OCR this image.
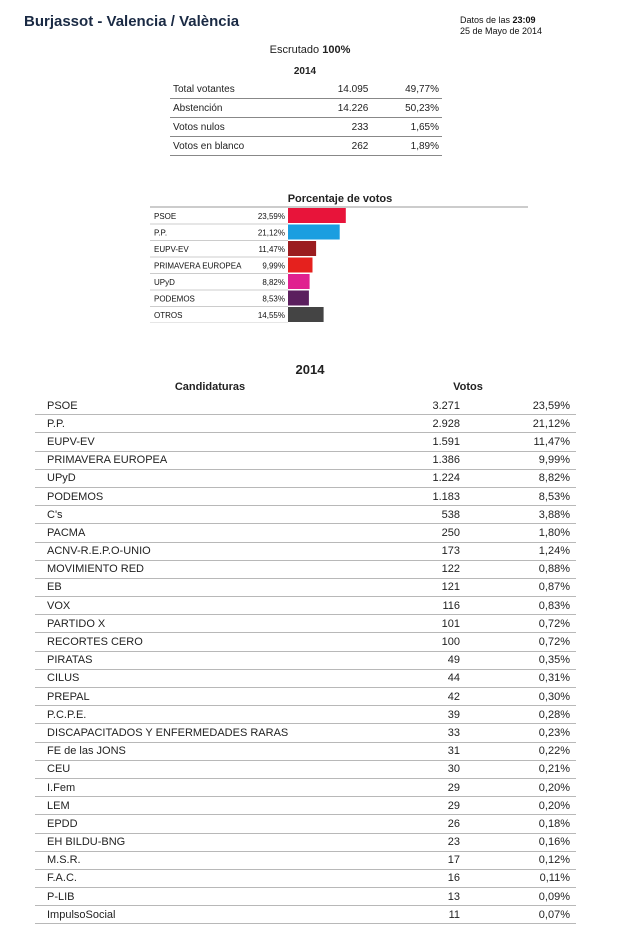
Burjassot - Valencia / València	Datos de las 23:09
25 de Mayo de 2014
Escrutado 100%
2014
Total votantes	14.095	49,77%
Abstención	14.226	50,23%
Votos nulos	233	1,65%
Votos en blanco	262	1,89%
Porcentaje de votos
PSOE	23,59%
P.P.	21,12%
EUPV-EV	11,47%
PRIMAVERA EUROPEA	9,99%
UPyD	8,82%
PODEMOS	8,53%
OTROS	14,55%
2014
Candidaturas	Votos
PSOE	3.271	23,59%
P.P.	2.928	21,12%
EUPV-EV	1.591	11,47%
PRIMAVERA EUROPEA	1.386	9,99%
UPyD	1.224	8,82%
PODEMOS	1.183	8,53%
C's	538	3,88%
PACMA	250	1,80%
ACNV-R.E.P.O-UNIO	173	1,24%
MOVIMIENTO RED	122	0,88%
EB	121	0,87%
VOX	116	0,83%
PARTIDO X	101	0,72%
RECORTES CERO	100	0,72%
PIRATAS	49	0,35%
CILUS	44	0,31%
PREPAL	42	0,30%
P.C.P.E.	39	0,28%
DISCAPACITADOS Y ENFERMEDADES RARAS	33	0,23%
FE de las JONS	31	0,22%
CEU	30	0,21%
I.Fem	29	0,20%
LEM	29	0,20%
EPDD	26	0,18%
EH BILDU-BNG	23	0,16%
M.S.R.	17	0,12%
F.A.C.	16	0,11%
P-LIB	13	0,09%
ImpulsoSocial	11	0,07%
